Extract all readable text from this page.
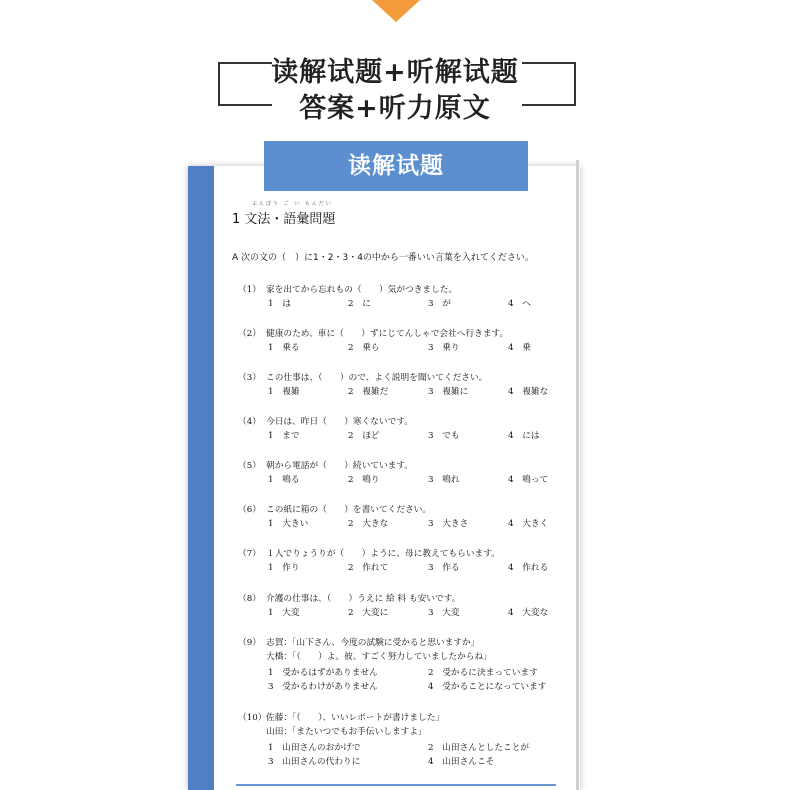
读解试题+听解试题
答案+听力原文
读解试题
ぶんぽう ご い もんだい
1 文法・語彙問題
A 次の文の（　）に1・2・3・4の中から一番いい言葉を入れてください。
（1） 家を出てから忘れもの（　　）気がつきました。
1　は	2　に	3　が	4　へ
（2） 健康のため、車に（　　）ずにじてんしゃで会社へ行きます。
1　乗る	2　乗ら	3　乗り	4　乗
（3） この仕事は、（　　）ので、よく説明を聞いてください。
1　複雑	2　複雑だ	3　複雑に	4　複雑な
（4） 今日は、昨日（　　）寒くないです。
1　まで	2　ほど	3　でも	4　には
（5） 朝から電話が（　　）続いています。
1　鳴る	2　鳴り	3　鳴れ	4　鳴って
（6） この紙に箱の（　　）を書いてください。
1　大きい	2　大きな	3　大きさ	4　大きく
（7） １人でりょうりが（　　）ように、母に教えてもらいます。
1　作り	2　作れて	3　作る	4　作れる
（8） 介護の仕事は、（　　）うえに 給 料 も安いです。
1　大変	2　大変に	3　大変	4　大変な
（9） 志賀：「山下さん、今度の試験に受かると思いますか」
大橋：「（　　）よ。彼、すごく努力していましたからね」
1　受かるはずがありません	2　受かるに決まっています
3　受かるわけがありません	4　受かることになっています
（10）佐藤：「（　　）、いいレポートが書けました」
山田：「またいつでもお手伝いしますよ」
1　山田さんのおかげで	2　山田さんとしたことが
3　山田さんの代わりに	4　山田さんこそ
